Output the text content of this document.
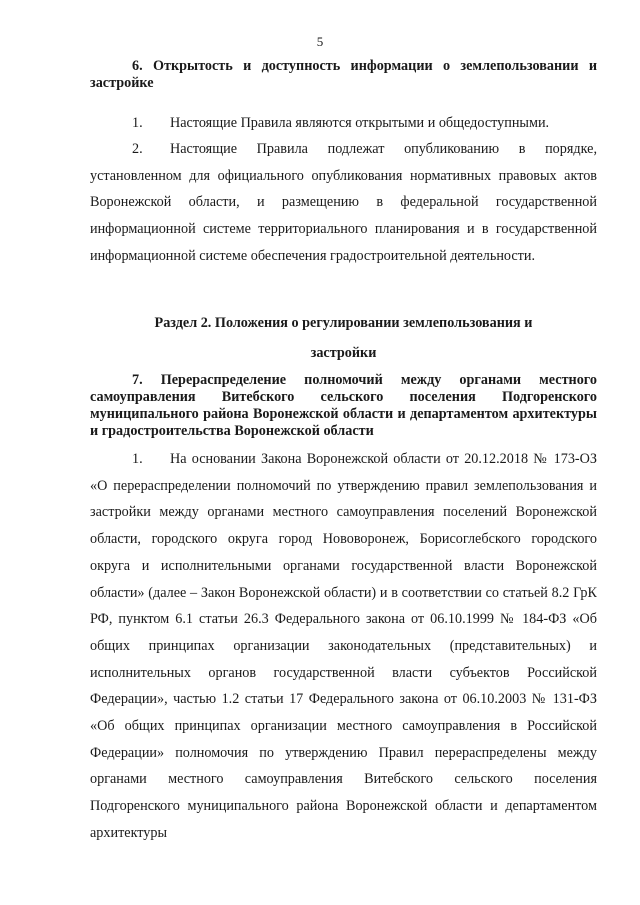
5
6. Открытость и доступность информации о землепользовании и застройке
1. Настоящие Правила являются открытыми и общедоступными.
2. Настоящие Правила подлежат опубликованию в порядке, установленном для официального опубликования нормативных правовых актов Воронежской области, и размещению в федеральной государственной информационной системе территориального планирования и в государственной информационной системе обеспечения градостроительной деятельности.
Раздел 2. Положения о регулировании землепользования и
застройки
7. Перераспределение полномочий между органами местного самоуправления Витебского сельского поселения Подгоренского муниципального района Воронежской области и департаментом архитектуры и градостроительства Воронежской области
1. На основании Закона Воронежской области от 20.12.2018 № 173-ОЗ «О перераспределении полномочий по утверждению правил землепользования и застройки между органами местного самоуправления поселений Воронежской области, городского округа город Нововоронеж, Борисоглебского городского округа и исполнительными органами государственной власти Воронежской области» (далее – Закон Воронежской области) и в соответствии со статьей 8.2 ГрК РФ, пунктом 6.1 статьи 26.3 Федерального закона от 06.10.1999 № 184-ФЗ «Об общих принципах организации законодательных (представительных) и исполнительных органов государственной власти субъектов Российской Федерации», частью 1.2 статьи 17 Федерального закона от 06.10.2003 № 131-ФЗ «Об общих принципах организации местного самоуправления в Российской Федерации» полномочия по утверждению Правил перераспределены между органами местного самоуправления Витебского сельского поселения Подгоренского муниципального района Воронежской области и департаментом архитектуры
